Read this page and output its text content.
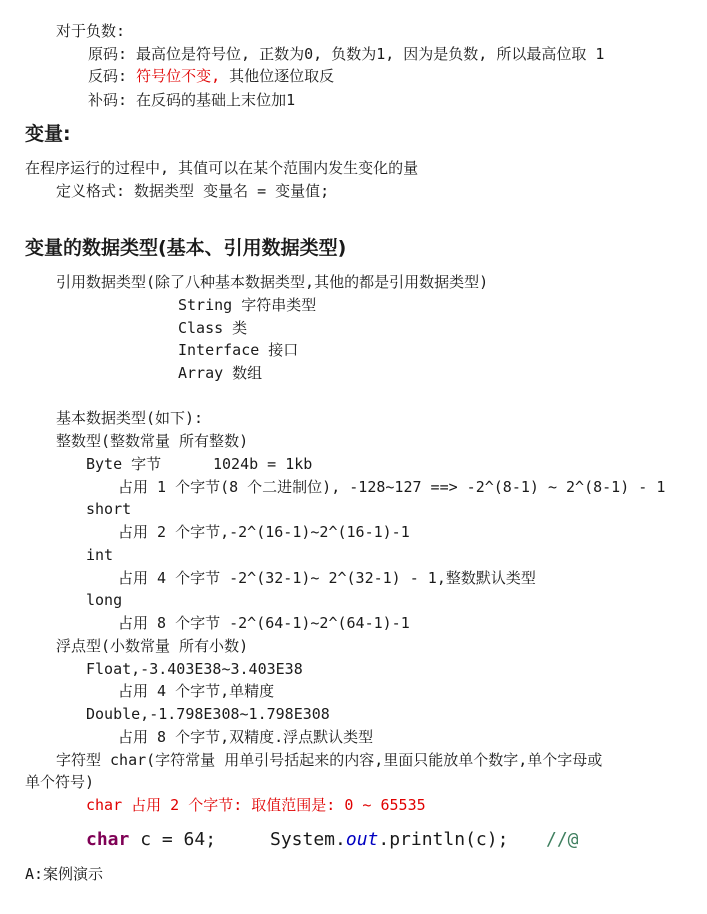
对于负数:
原码: 最高位是符号位, 正数为0, 负数为1, 因为是负数, 所以最高位取 1
反码: 符号位不变, 其他位逐位取反
补码: 在反码的基础上末位加1
变量:
在程序运行的过程中, 其值可以在某个范围内发生变化的量
定义格式: 数据类型 变量名 = 变量值;
变量的数据类型(基本、引用数据类型)
引用数据类型(除了八种基本数据类型,其他的都是引用数据类型)
String 字符串类型
Class 类
Interface 接口
Array 数组
基本数据类型(如下):
整数型(整数常量 所有整数)
Byte 字节	1024b = 1kb
占用 1 个字节(8 个二进制位), -128~127 ==> -2^(8-1) ~ 2^(8-1) - 1
short
占用 2 个字节,-2^(16-1)~2^(16-1)-1
int
占用 4 个字节 -2^(32-1)~ 2^(32-1) - 1,整数默认类型
long
占用 8 个字节 -2^(64-1)~2^(64-1)-1
浮点型(小数常量 所有小数)
Float,-3.403E38~3.403E38
占用 4 个字节,单精度
Double,-1.798E308~1.798E308
占用 8 个字节,双精度.浮点默认类型
字符型 char(字符常量 用单引号括起来的内容,里面只能放单个数字,单个字母或
单个符号)
char 占用 2 个字节: 取值范围是: 0 ~ 65535
char c = 64;	System.out.println(c); //@
A:案例演示
